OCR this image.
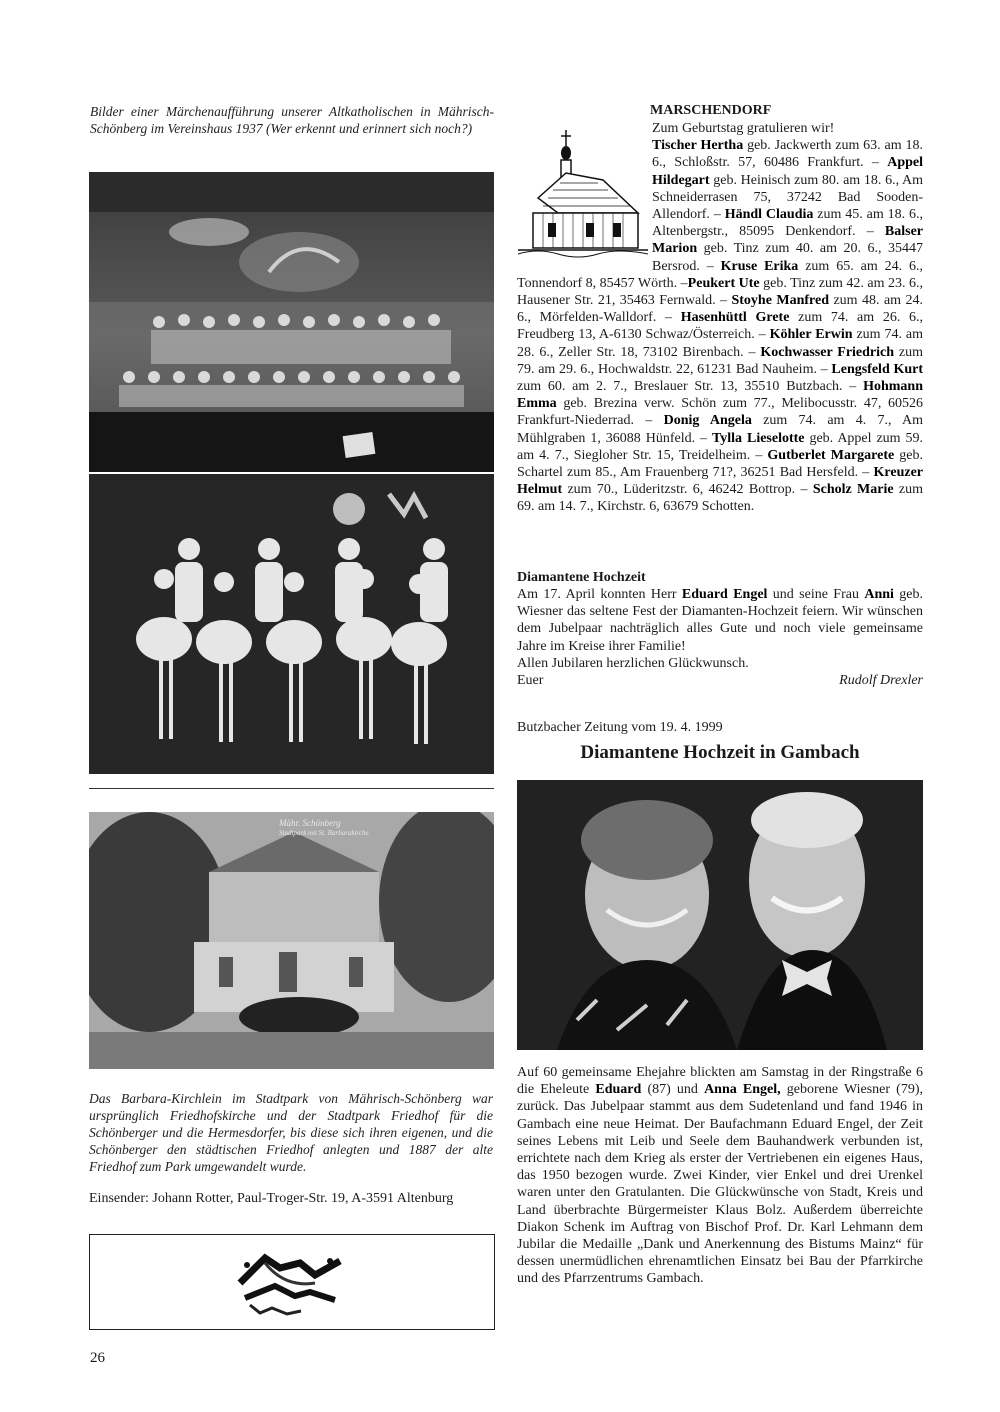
Bilder einer Märchenaufführung unserer Altkatholischen in Mährisch-Schönberg im Vereinshaus 1937 (Wer erkennt und erinnert sich noch?)
Mähr. Schönberg
Stadtpark mit St. Barbarakirche
Das Barbara-Kirchlein im Stadtpark von Mährisch-Schönberg war ursprünglich Friedhofskirche und der Stadtpark Friedhof für die Schönberger und die Hermesdorfer, bis diese sich ihren eigenen, und die Schönberger den städtischen Friedhof anlegten und 1887 der alte Friedhof zum Park umgewandelt wurde.
Einsender: Johann Rotter, Paul-Troger-Str. 19, A-3591 Altenburg
26
MARSCHENDORF
Zum Geburtstag gratulieren wir!
Tischer Hertha geb. Jackwerth zum 63. am 18. 6., Schloßstr. 57, 60486 Frankfurt. – Appel Hildegart geb. Heinisch zum 80. am 18. 6., Am Schneiderrasen 75, 37242 Bad Sooden-Allendorf. – Händl Claudia zum 45. am 18. 6., Altenbergstr., 85095 Denkendorf. – Balser Marion geb. Tinz zum 40. am 20. 6., 35447 Bersrod. – Kruse Erika zum 65. am 24. 6., Tonnendorf 8, 85457 Wörth. –Peukert Ute geb. Tinz zum 42. am 23. 6., Hausener Str. 21, 35463 Fernwald. – Stoyhe Manfred zum 48. am 24. 6., Mörfelden-Walldorf. – Hasenhüttl Grete zum 74. am 26. 6., Freudberg 13, A-6130 Schwaz/Österreich. – Köhler Erwin zum 74. am 28. 6., Zeller Str. 18, 73102 Birenbach. – Kochwasser Friedrich zum 79. am 29. 6., Hochwaldstr. 22, 61231 Bad Nauheim. – Lengsfeld Kurt zum 60. am 2. 7., Breslauer Str. 13, 35510 Butzbach. – Hohmann Emma geb. Brezina verw. Schön zum 77., Melibocusstr. 47, 60526 Frankfurt-Niederrad. – Donig Angela zum 74. am 4. 7., Am Mühlgraben 1, 36088 Hünfeld. – Tylla Lieselotte geb. Appel zum 59. am 4. 7., Siegloher Str. 15, Treidelheim. – Gutberlet Margarete geb. Schartel zum 85., Am Frauenberg 71?, 36251 Bad Hersfeld. – Kreuzer Helmut zum 70., Lüderitzstr. 6, 46242 Bottrop. – Scholz Marie zum 69. am 14. 7., Kirchstr. 6, 63679 Schotten.
Diamantene Hochzeit
Am 17. April konnten Herr Eduard Engel und seine Frau Anni geb. Wiesner das seltene Fest der Diamanten-Hochzeit feiern. Wir wünschen dem Jubelpaar nachträglich alles Gute und noch viele gemeinsame Jahre im Kreise ihrer Familie!
Allen Jubilaren herzlichen Glückwunsch.
Euer	Rudolf Drexler
Butzbacher Zeitung vom 19. 4. 1999
Diamantene Hochzeit in Gambach
Auf 60 gemeinsame Ehejahre blickten am Samstag in der Ringstraße 6 die Eheleute Eduard (87) und Anna Engel, geborene Wiesner (79), zurück. Das Jubelpaar stammt aus dem Sudetenland und fand 1946 in Gambach eine neue Heimat. Der Baufachmann Eduard Engel, der Zeit seines Lebens mit Leib und Seele dem Bauhandwerk verbunden ist, errichtete nach dem Krieg als erster der Vertriebenen ein eigenes Haus, das 1950 bezogen wurde. Zwei Kinder, vier Enkel und drei Urenkel waren unter den Gratulanten. Die Glückwünsche von Stadt, Kreis und Land überbrachte Bürgermeister Klaus Bolz. Außerdem überreichte Diakon Schenk im Auftrag von Bischof Prof. Dr. Karl Lehmann dem Jubilar die Medaille „Dank und Anerkennung des Bistums Mainz“ für dessen unermüdlichen ehrenamtlichen Einsatz bei Bau der Pfarrkirche und des Pfarrzentrums Gambach.
